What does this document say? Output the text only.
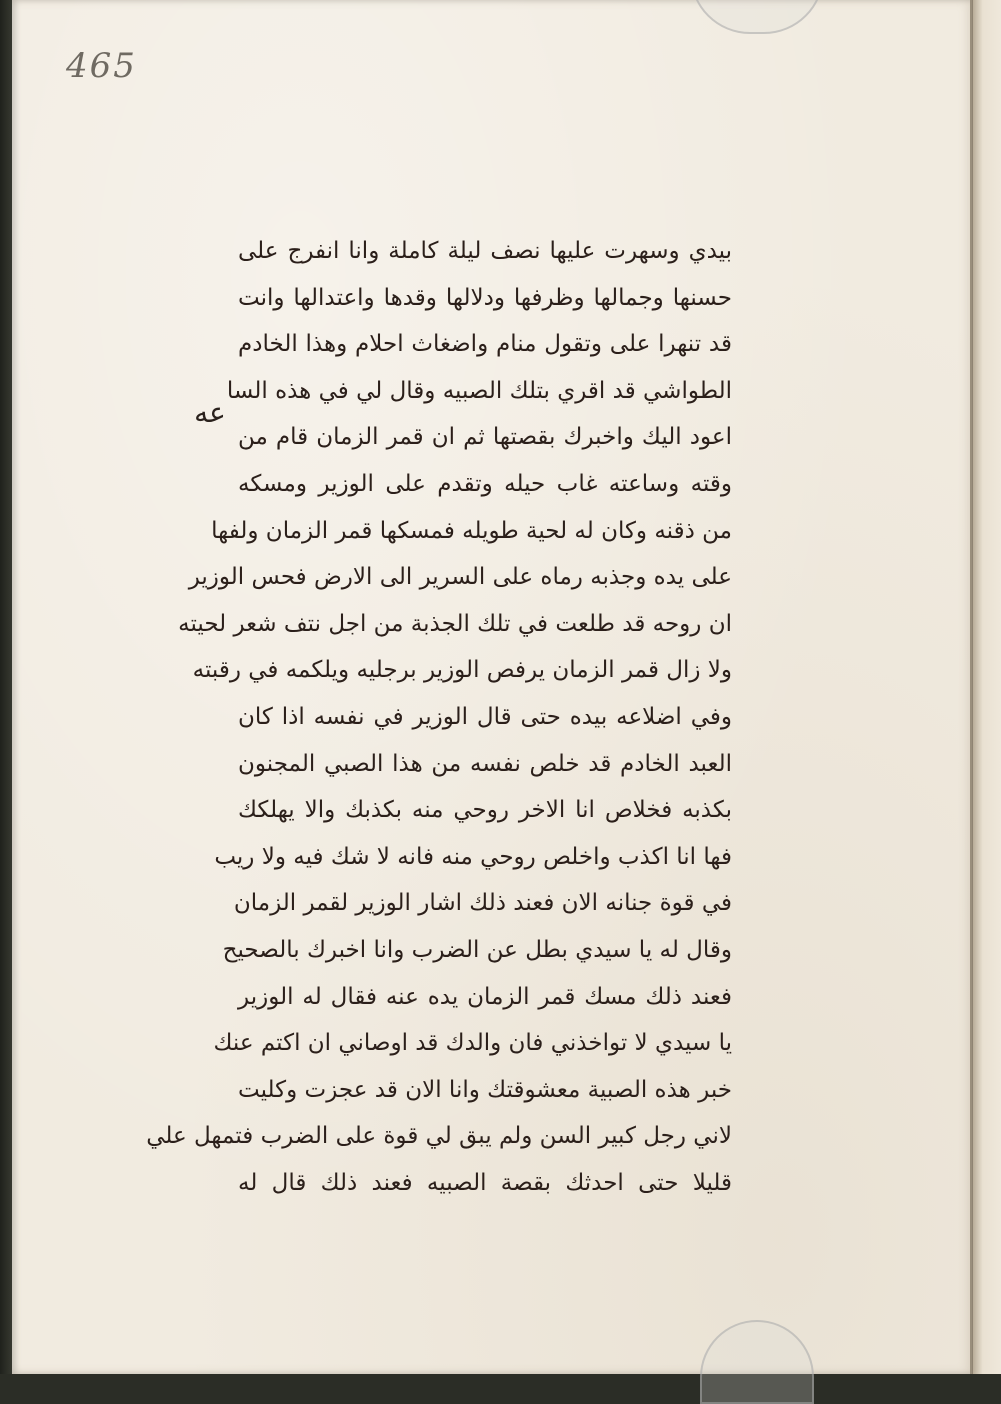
465
عه
بيدي وسهرت عليها نصف ليلة كاملة وانا انفرج على
حسنها وجمالها وظرفها ودلالها وقدها واعتدالها وانت
قد تنهرا على وتقول منام واضغاث احلام وهذا الخادم
الطواشي قد اقري بتلك الصبيه وقال لي في هذه السا
اعود اليك واخبرك بقصتها ثم ان قمر الزمان قام من
وقته وساعته غاب حيله وتقدم على الوزير ومسكه
من ذقنه وكان له لحية طويله فمسكها قمر الزمان ولفها
على يده وجذبه رماه على السرير الى الارض فحس الوزير
ان روحه قد طلعت في تلك الجذبة من اجل نتف شعر لحيته
ولا زال قمر الزمان يرفص الوزير برجليه ويلكمه في رقبته
وفي اضلاعه بيده حتى قال الوزير في نفسه اذا كان
العبد الخادم قد خلص نفسه من هذا الصبي المجنون
بكذبه فخلاص انا الاخر روحي منه بكذبك والا يهلكك
فها انا اكذب واخلص روحي منه فانه لا شك فيه ولا ريب
في قوة جنانه الان فعند ذلك اشار الوزير لقمر الزمان
وقال له يا سيدي بطل عن الضرب وانا اخبرك بالصحيح
فعند ذلك مسك قمر الزمان يده عنه فقال له الوزير
يا سيدي لا تواخذني فان والدك قد اوصاني ان اكتم عنك
خبر هذه الصبية معشوقتك وانا الان قد عجزت وكليت
لاني رجل كبير السن ولم يبق لي قوة على الضرب فتمهل علي
قليلا حتى احدثك بقصة الصبيه فعند ذلك قال له
